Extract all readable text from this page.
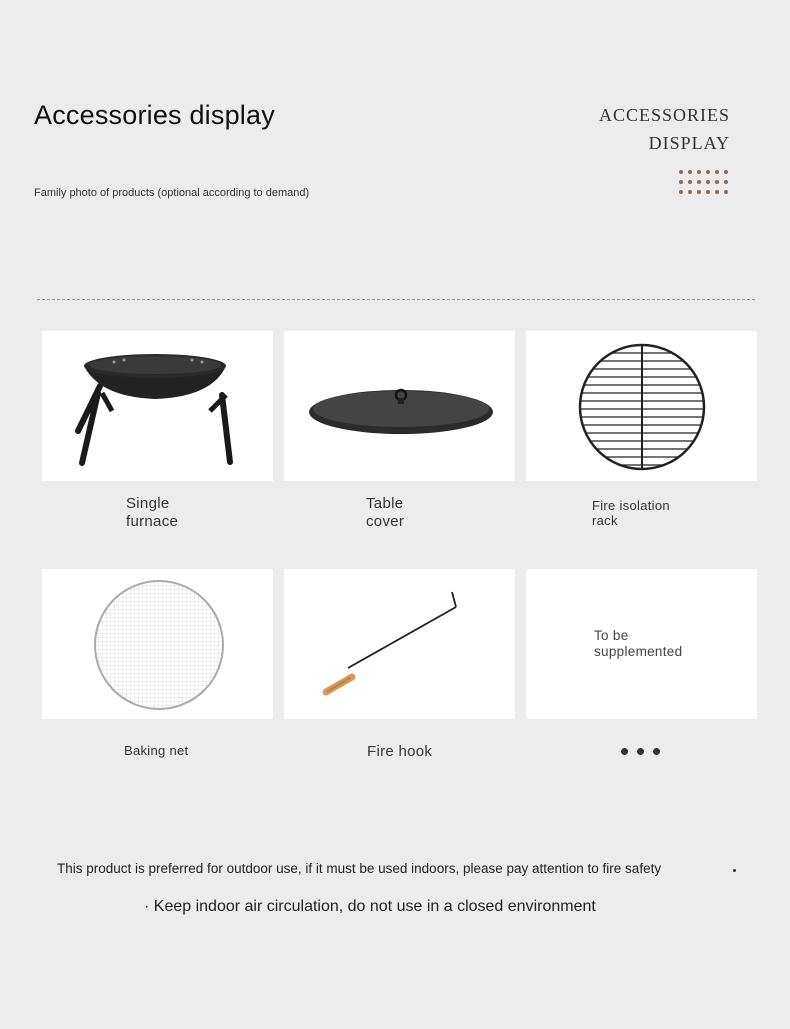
Accessories display
Family photo of products (optional according to demand)
ACCESSORIES
DISPLAY
Single
furnace
Table
cover
Fire isolation
rack
To be
supplemented
Baking net	Fire hook
This product is preferred for outdoor use, if it must be used indoors, please pay attention to fire safety
· Keep indoor air circulation, do not use in a closed environment
